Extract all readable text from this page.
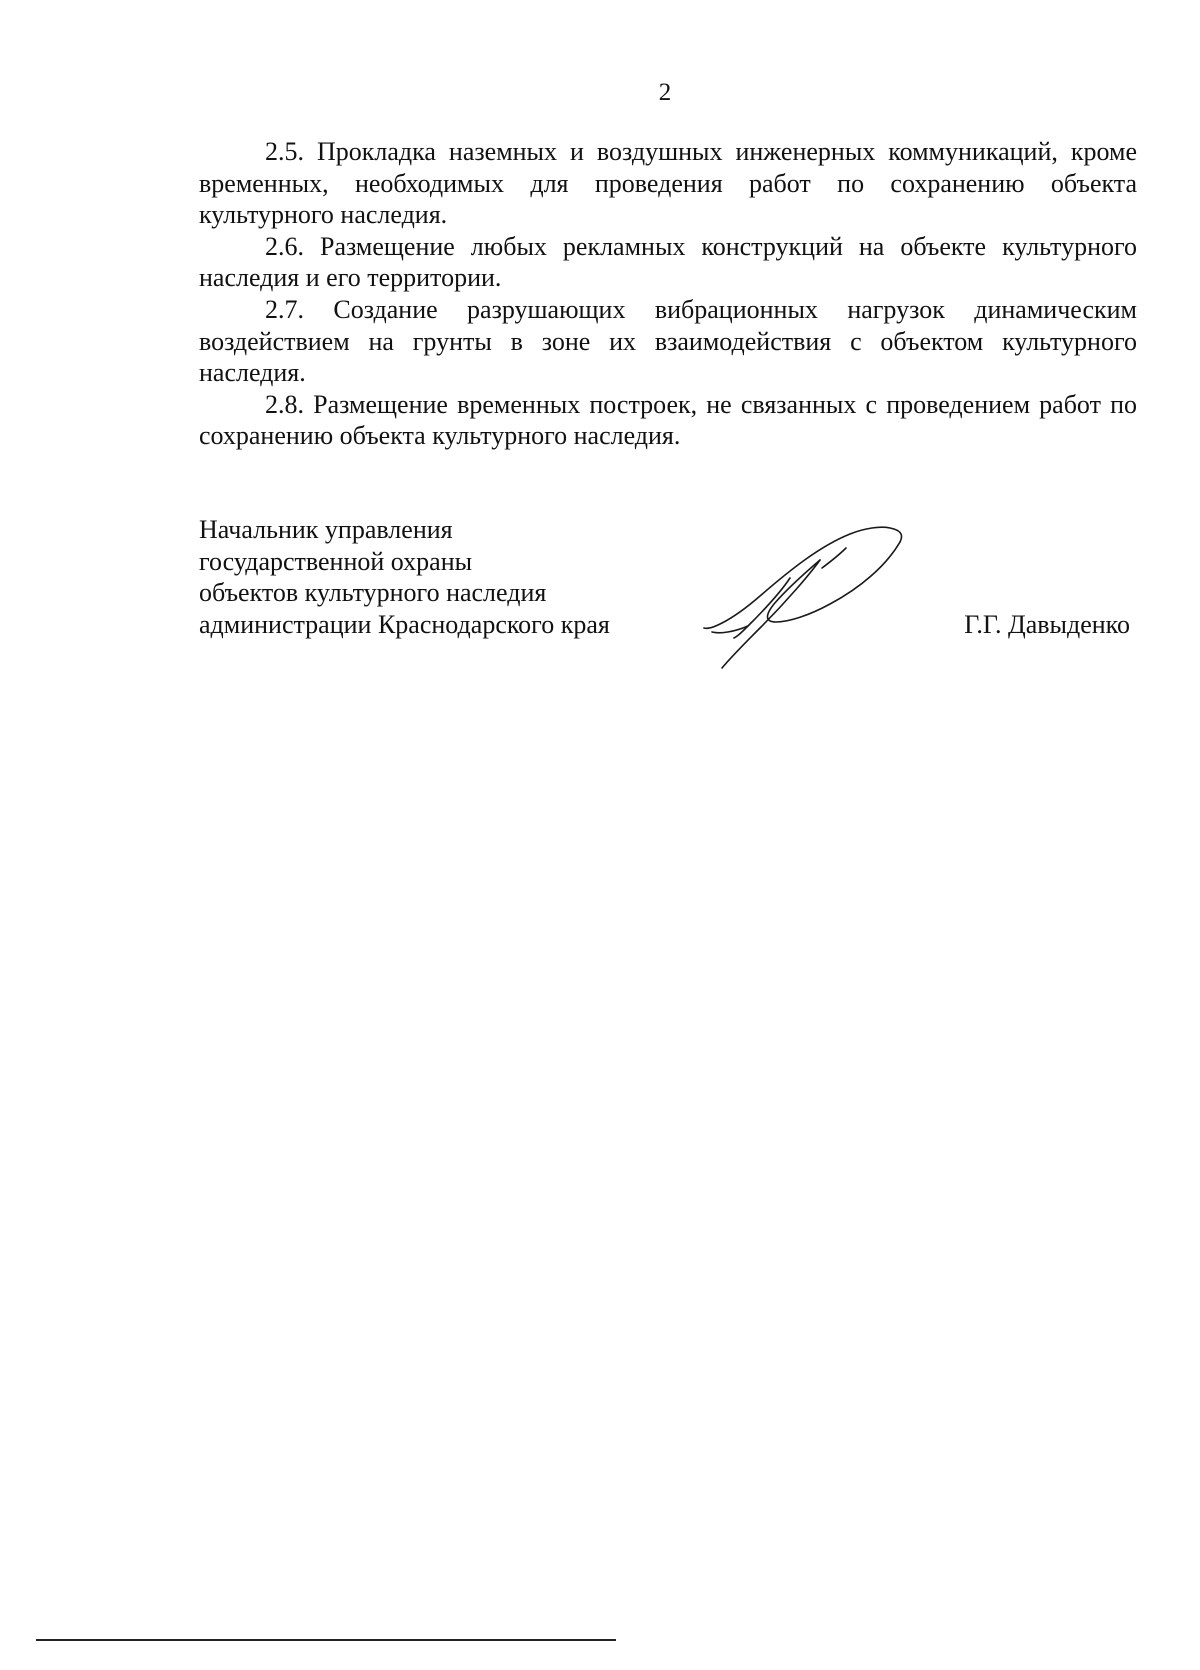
2

2.5. Прокладка наземных и воздушных инженерных коммуникаций, кроме временных, необходимых для проведения работ по сохранению объекта культурного наследия.

2.6. Размещение любых рекламных конструкций на объекте культурного наследия и его территории.

2.7. Создание разрушающих вибрационных нагрузок динамическим воздействием на грунты в зоне их взаимодействия с объектом культурного наследия.

2.8. Размещение временных построек, не связанных с проведением работ по сохранению объекта культурного наследия.

Начальник управления
государственной охраны
объектов культурного наследия
администрации Краснодарского края	Г.Г. Давыденко
